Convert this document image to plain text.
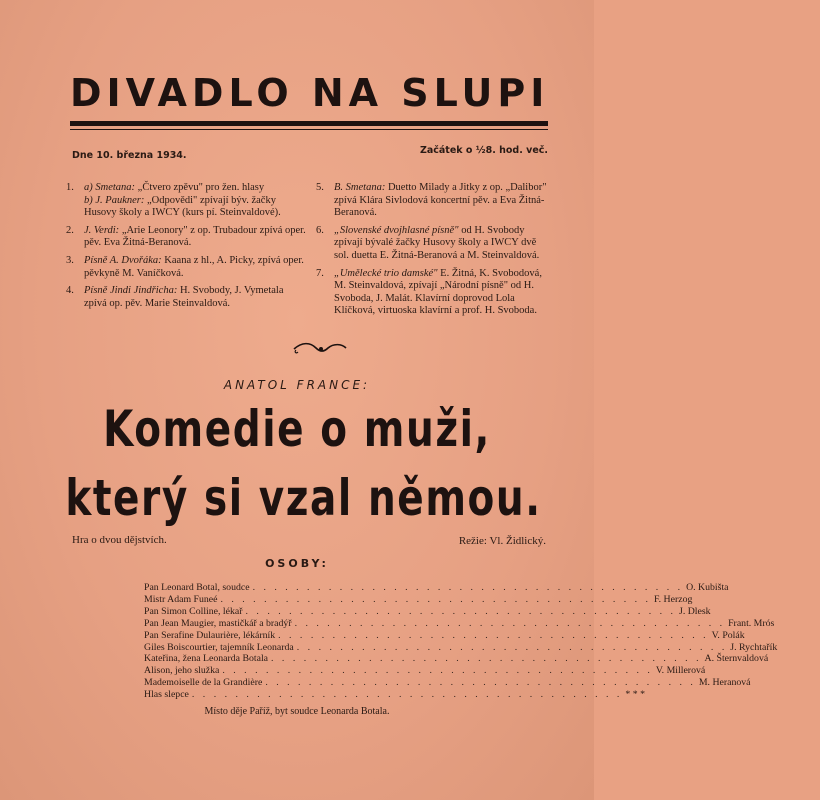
DIVADLO NA SLUPI
Dne 10. března 1934.	Začátek o ½8. hod. več.
1. a) Smetana: „Čtvero zpěvu" pro žen. hlasy
b) J. Paukner: „Odpovědi" zpívají býv. žačky Husovy školy a IWCY (kurs pí. Steinvaldové).
2. J. Verdi: „Arie Leonory" z op. Trubadour zpívá oper. pěv. Eva Žitná-Beranová.
3. Písně A. Dvořáka: Kaana z hl., A. Picky, zpívá oper. pěvkyně M. Vaníčková.
4. Písně Jindi Jindřicha: H. Svobody, J. Vymetala zpívá op. pěv. Marie Steinvaldová.
5. B. Smetana: Duetto Milady a Jitky z op. „Dalibor" zpívá Klára Sivlodová koncertní pěv. a Eva Žitná-Beranová.
6. „Slovenské dvojhlasné písně" od H. Svobody zpívají bývalé žačky Husovy školy a IWCY dvě sol. duetta E. Žitná-Beranová a M. Steinvaldová.
7. „Umělecké trio damské" E. Žitná, K. Svobodová, M. Steinvaldová, zpívají „Národní písně" od H. Svoboda, J. Malát. Klavírní doprovod Lola Klíčková, virtuoska klavírní a prof. H. Svoboda.
ANATOL FRANCE:
Komedie o muži,
který si vzal němou.
Hra o dvou dějstvích.	Režie: Vl. Židlický.
OSOBY:
Pan Leonard Botal, soudce . . . . . . . . . . . . . . . . . . . . . . . . . . . . . . . . . . . . . . . . O. Kubišta
Mistr Adam Funeé . . . . . . . . . . . . . . . . . . . . . . . . . . . . . . . . . . . . . . . . F. Herzog
Pan Simon Colline, lékař . . . . . . . . . . . . . . . . . . . . . . . . . . . . . . . . . . . . . . . . J. Dlesk
Pan Jean Maugier, mastičkář a bradýř . . . . . . . . . . . . . . . . . . . . . . . . . . . . . . . . . . . . . . . . Frant. Mrós
Pan Serafine Dulaurière, lékárník . . . . . . . . . . . . . . . . . . . . . . . . . . . . . . . . . . . . . . . . V. Polák
Giles Boiscourtier, tajemník Leonarda . . . . . . . . . . . . . . . . . . . . . . . . . . . . . . . . . . . . . . . . J. Rychtařík
Kateřina, žena Leonarda Botala . . . . . . . . . . . . . . . . . . . . . . . . . . . . . . . . . . . . . . . . A. Šternvaldová
Alison, jeho služka . . . . . . . . . . . . . . . . . . . . . . . . . . . . . . . . . . . . . . . . V. Millerová
Mademoiselle de la Grandière . . . . . . . . . . . . . . . . . . . . . . . . . . . . . . . . . . . . . . . . M. Heranová
Hlas slepce . . . . . . . . . . . . . . . . . . . . . . . . . . . . . . . . . . . . . . . . * * *
Místo děje Paříž, byt soudce Leonarda Botala.
